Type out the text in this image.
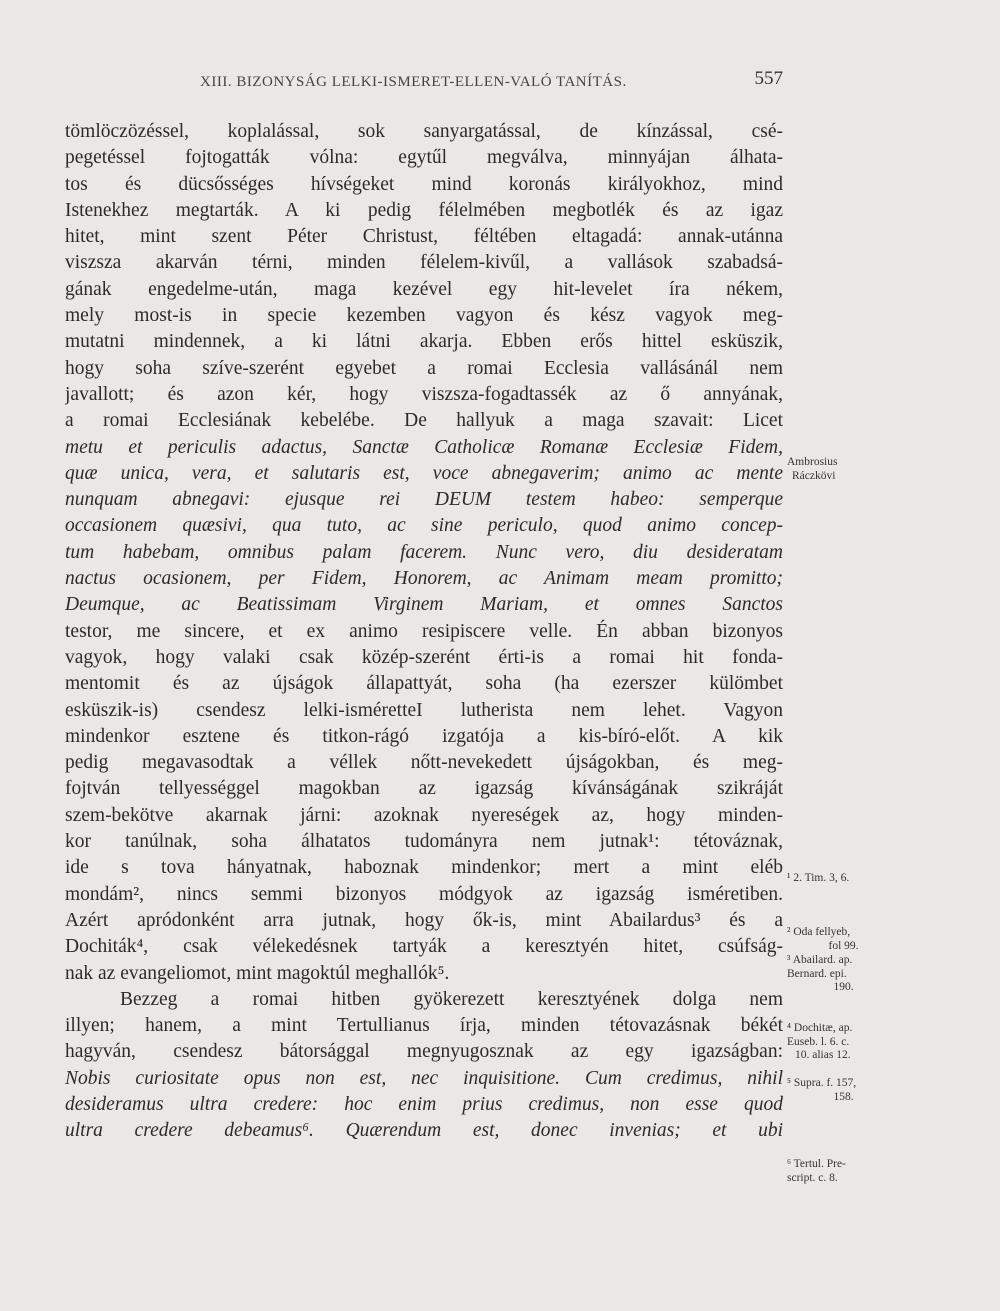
XIII. BIZONYSÁG LELKI-ISMERET-ELLEN-VALÓ TANÍTÁS.	557
tömlöczözéssel, koplalással, sok sanyargatással, de kínzással, csé-
pegetéssel fojtogatták vólna: egytűl megválva, minnyájan álhata-
tos és dücsősséges hívségeket mind koronás királyokhoz, mind
Istenekhez megtarták. A ki pedig félelmében megbotlék és az igaz
hitet, mint szent Péter Christust, féltében eltagadá: annak-utánna
viszsza akarván térni, minden félelem-kivűl, a vallások szabadsá-
gának engedelme-után, maga kezével egy hit-levelet íra nékem,
mely most-is in specie kezemben vagyon és kész vagyok meg-
mutatni mindennek, a ki látni akarja. Ebben erős hittel esküszik,
hogy soha szíve-szerént egyebet a romai Ecclesia vallásánál nem
javallott; és azon kér, hogy viszsza-fogadtassék az ő annyának,
a romai Ecclesiának kebelébe. De hallyuk a maga szavait: Licet
metu et periculis adactus, Sanctæ Catholicæ Romanæ Ecclesiæ Fidem,
quæ unica, vera, et salutaris est, voce abnegaverim; animo ac mente
nunquam abnegavi: ejusque rei DEUM testem habeo: semperque
occasionem quæsivi, qua tuto, ac sine periculo, quod animo concep-
tum habebam, omnibus palam facerem. Nunc vero, diu desideratam
nactus ocasionem, per Fidem, Honorem, ac Animam meam promitto;
Deumque, ac Beatissimam Virginem Mariam, et omnes Sanctos
testor, me sincere, et ex animo resipiscere velle. Én abban bizonyos
vagyok, hogy valaki csak közép-szerént érti-is a romai hit fonda-
mentomit és az újságok állapattyát, soha (ha ezerszer külömbet
esküszik-is) csendesz lelki-isméretteI lutherista nem lehet. Vagyon
mindenkor esztene és titkon-rágó izgatója a kis-bíró-előt. A kik
pedig megavasodtak a véllek nőtt-nevekedett újságokban, és meg-
fojtván tellyességgel magokban az igazság kívánságának szikráját
szem-bekötve akarnak járni: azoknak nyereségek az, hogy minden-
kor tanúlnak, soha álhatatos tudományra nem jutnak¹: tétováznak,
ide s tova hányatnak, haboznak mindenkor; mert a mint eléb
mondám², nincs semmi bizonyos módgyok az igazság isméretiben.
Azért apródonként arra jutnak, hogy ők-is, mint Abailardus³ és a
Dochiták⁴, csak vélekedésnek tartyák a keresztyén hitet, csúfság-
nak az evangeliomot, mint magoktúl meghallók⁵.
Bezzeg a romai hitben gyökerezett keresztyének dolga nem
illyen; hanem, a mint Tertullianus írja, minden tétovazásnak békét
hagyván, csendesz bátorsággal megnyugosznak az egy igazságban:
Nobis curiositate opus non est, nec inquisitione. Cum credimus, nihil
desideramus ultra credere: hoc enim prius credimus, non esse quod
ultra credere debeamus⁶. Quærendum est, donec invenias; et ubi
Ambrosius
Ráczkövi
¹ 2. Tim. 3, 6.
² Oda fellyeb,
fol 99.
³ Abailard. ap.
Bernard. epi.
190.
⁴ Dochitæ, ap.
Euseb. l. 6. c.
10. alias 12.
⁵ Supra. f. 157,
158.
⁶ Tertul. Pre-
script. c. 8.
